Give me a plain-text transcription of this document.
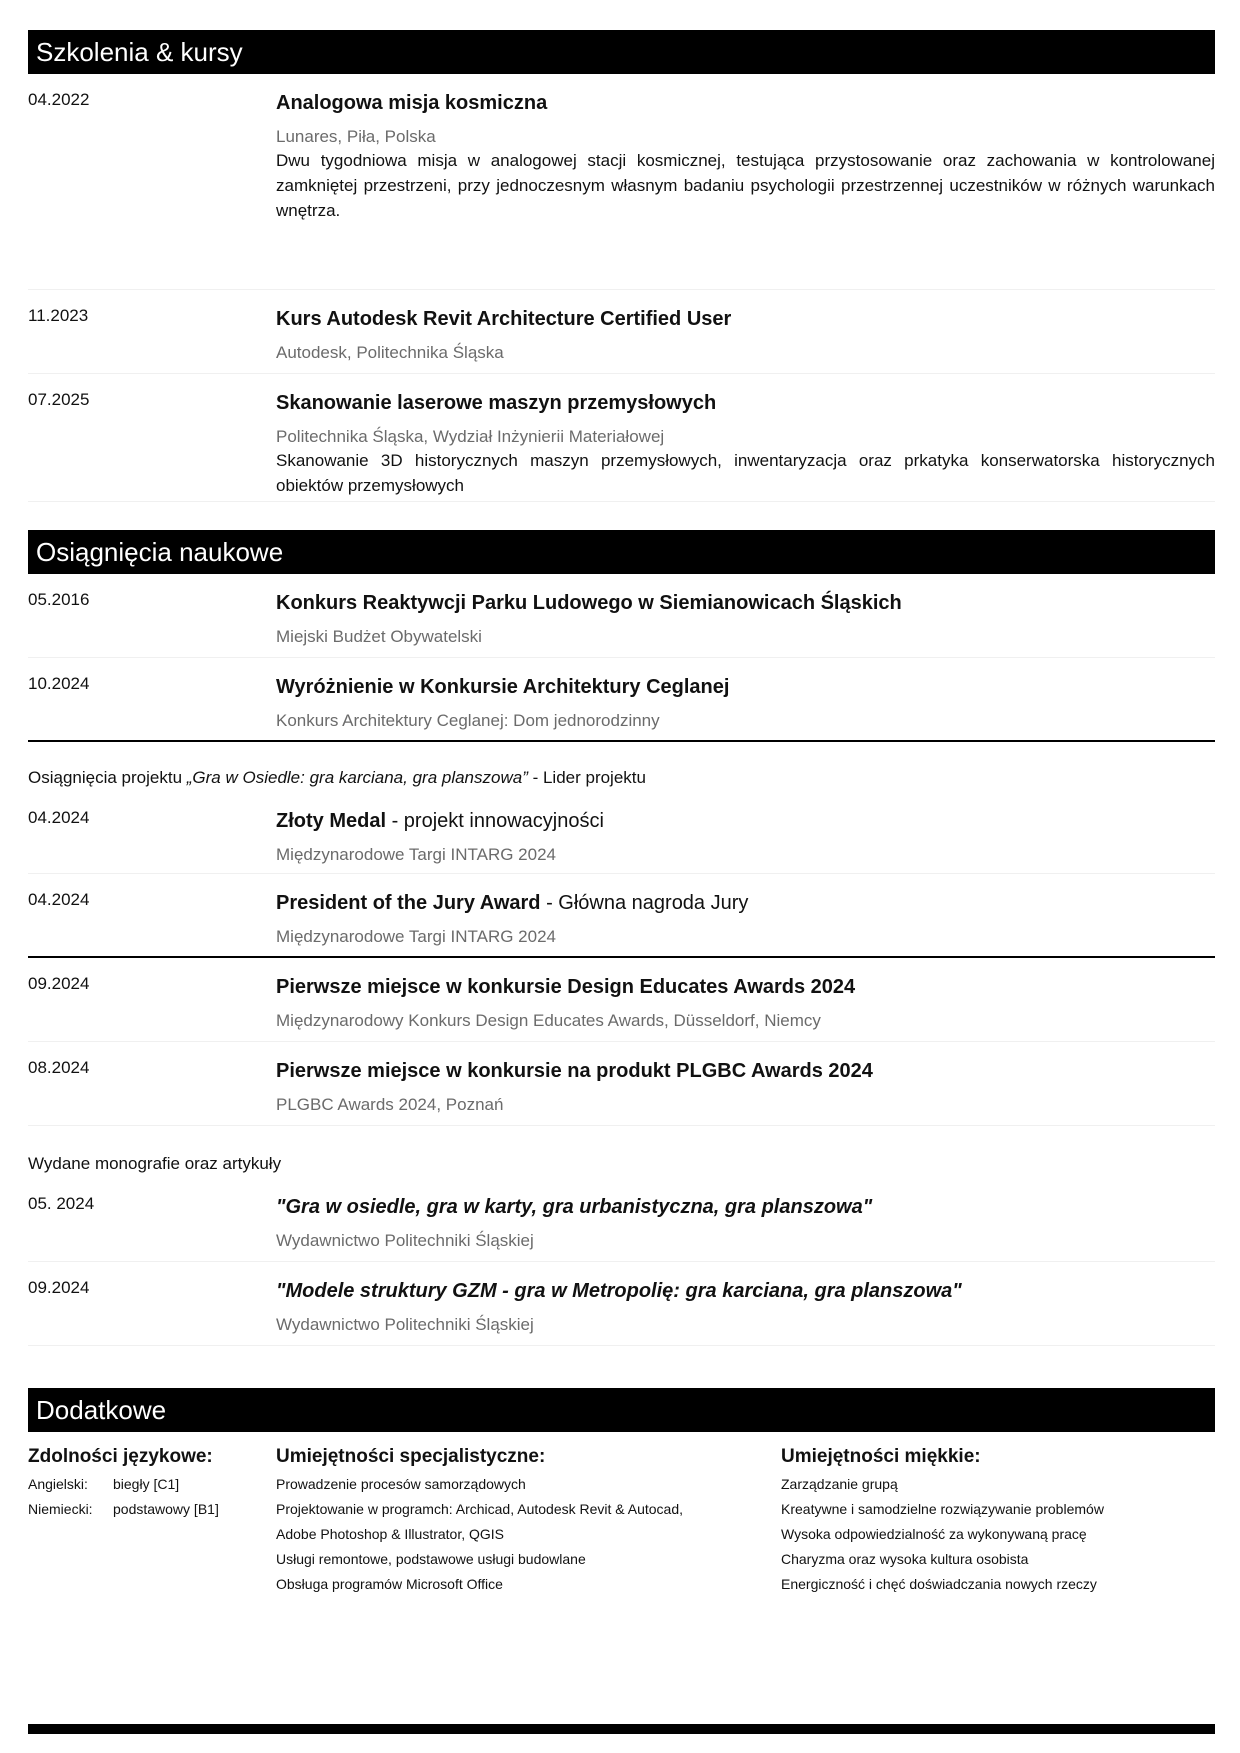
Szkolenia & kursy
04.2022	Analogowa misja kosmiczna
Lunares, Piła, Polska
Dwu tygodniowa misja w analogowej stacji kosmicznej, testująca przystosowanie oraz zachowania w kontrolowanej zamkniętej przestrzeni, przy jednoczesnym własnym badaniu psychologii przestrzennej uczestników w różnych warunkach wnętrza.
11.2023	Kurs Autodesk Revit Architecture Certified User
Autodesk, Politechnika Śląska
07.2025	Skanowanie laserowe maszyn przemysłowych
Politechnika Śląska, Wydział Inżynierii Materiałowej
Skanowanie 3D historycznych maszyn przemysłowych, inwentaryzacja oraz prkatyka konserwatorska historycznych obiektów przemysłowych
Osiągnięcia naukowe
05.2016	Konkurs Reaktywcji Parku Ludowego w Siemianowicach Śląskich
Miejski Budżet Obywatelski
10.2024	Wyróżnienie w Konkursie Architektury Ceglanej
Konkurs Architektury Ceglanej: Dom jednorodzinny
Osiągnięcia projektu „Gra w Osiedle: gra karciana, gra planszowa” - Lider projektu
04.2024	Złoty Medal - projekt innowacyjności
Międzynarodowe Targi INTARG 2024
04.2024	President of the Jury Award - Główna nagroda Jury
Międzynarodowe Targi INTARG 2024
09.2024	Pierwsze miejsce w konkursie Design Educates Awards 2024
Międzynarodowy Konkurs Design Educates Awards, Düsseldorf, Niemcy
08.2024	Pierwsze miejsce w konkursie na produkt PLGBC Awards 2024
PLGBC Awards 2024, Poznań
Wydane monografie oraz artykuły
05. 2024	"Gra w osiedle, gra w karty, gra urbanistyczna, gra planszowa"
Wydawnictwo Politechniki Śląskiej
09.2024	"Modele struktury GZM - gra w Metropolię: gra karciana, gra planszowa"
Wydawnictwo Politechniki Śląskiej
Dodatkowe
Zdolności językowe:
Angielski:	biegły [C1]
Niemiecki:	podstawowy [B1]
Umiejętności specjalistyczne:
Prowadzenie procesów samorządowych
Projektowanie w programch: Archicad, Autodesk Revit & Autocad,
Adobe Photoshop & Illustrator, QGIS
Usługi remontowe, podstawowe usługi budowlane
Obsługa programów Microsoft Office
Umiejętności miękkie:
Zarządzanie grupą
Kreatywne i samodzielne rozwiązywanie problemów
Wysoka odpowiedzialność za wykonywaną pracę
Charyzma oraz wysoka kultura osobista
Energiczność i chęć doświadczania nowych rzeczy
